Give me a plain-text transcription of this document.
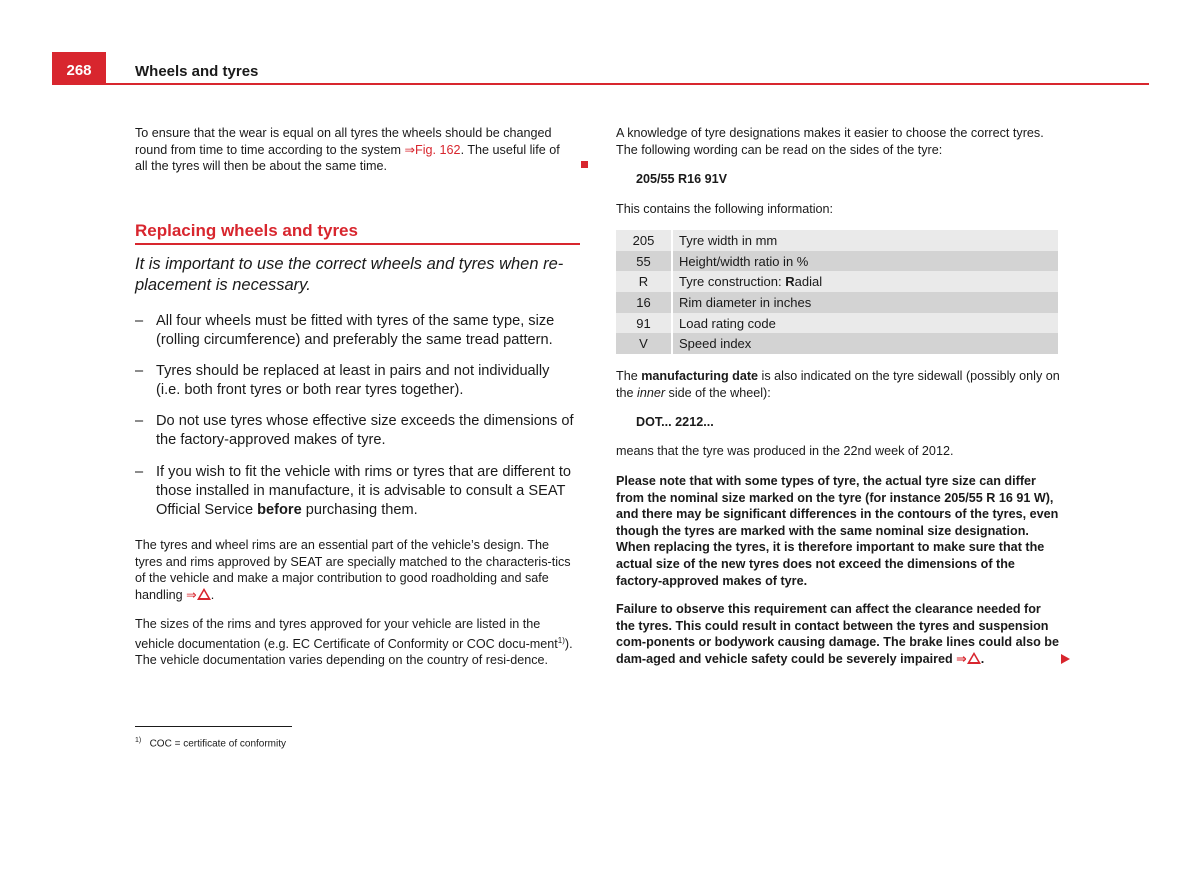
268	Wheels and tyres

To ensure that the wear is equal on all tyres the wheels should be changed round from time to time according to the system ⇒Fig. 162. The useful life of all the tyres will then be about the same time.

Replacing wheels and tyres
It is important to use the correct wheels and tyres when re-placement is necessary.
– All four wheels must be fitted with tyres of the same type, size (rolling circumference) and preferably the same tread pattern.
– Tyres should be replaced at least in pairs and not individually (i.e. both front tyres or both rear tyres together).
– Do not use tyres whose effective size exceeds the dimensions of the factory-approved makes of tyre.
– If you wish to fit the vehicle with rims or tyres that are different to those installed in manufacture, it is advisable to consult a SEAT Official Service before purchasing them.

The tyres and wheel rims are an essential part of the vehicle’s design. The tyres and rims approved by SEAT are specially matched to the characteris-tics of the vehicle and make a major contribution to good roadholding and safe handling ⇒ .

The sizes of the rims and tyres approved for your vehicle are listed in the vehicle documentation (e.g. EC Certificate of Conformity or COC docu-ment$^{1)}$). The vehicle documentation varies depending on the country of resi-dence.

$^{1)}$ COC = certificate of conformity

A knowledge of tyre designations makes it easier to choose the correct tyres. The following wording can be read on the sides of the tyre:

205/55 R16 91V
This contains the following information:
205	Tyre width in mm
55	Height/width ratio in %
R	Tyre construction: Radial
16	Rim diameter in inches
91	Load rating code
V	Speed index

The manufacturing date is also indicated on the tyre sidewall (possibly only on the inner side of the wheel):

DOT... 2212...
means that the tyre was produced in the 22nd week of 2012.

Please note that with some types of tyre, the actual tyre size can differ from the nominal size marked on the tyre (for instance 205/55 R 16 91 W), and there may be significant differences in the contours of the tyres, even though the tyres are marked with the same nominal size designation. When replacing the tyres, it is therefore important to make sure that the actual size of the new tyres does not exceed the dimensions of the factory-approved makes of tyre.

Failure to observe this requirement can affect the clearance needed for the tyres. This could result in contact between the tyres and suspension com-ponents or bodywork causing damage. The brake lines could also be dam-aged and vehicle safety could be severely impaired ⇒ .
